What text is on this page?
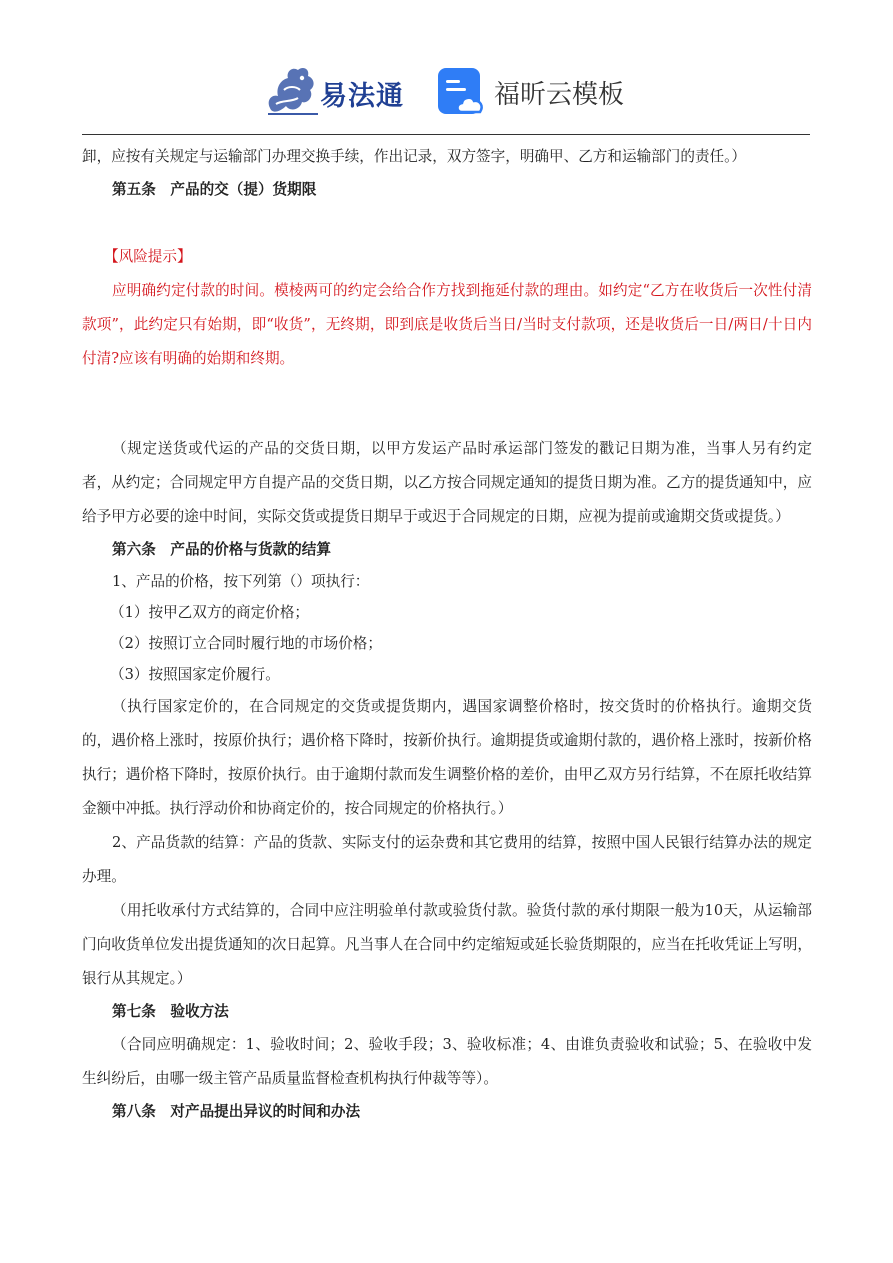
易法通	福昕云模板

卸，应按有关规定与运输部门办理交换手续，作出记录，双方签字，明确甲、乙方和运输部门的责任。）

第五条　产品的交（提）货期限

【风险提示】

应明确约定付款的时间。模棱两可的约定会给合作方找到拖延付款的理由。如约定“乙方在收货后一次性付清款项”，此约定只有始期，即“收货”，无终期，即到底是收货后当日/当时支付款项，还是收货后一日/两日/十日内付清?应该有明确的始期和终期。

（规定送货或代运的产品的交货日期，以甲方发运产品时承运部门签发的戳记日期为准，当事人另有约定者，从约定；合同规定甲方自提产品的交货日期，以乙方按合同规定通知的提货日期为准。乙方的提货通知中，应给予甲方必要的途中时间，实际交货或提货日期早于或迟于合同规定的日期，应视为提前或逾期交货或提货。）

第六条　产品的价格与货款的结算

1、产品的价格，按下列第（）项执行：

（1）按甲乙双方的商定价格；

（2）按照订立合同时履行地的市场价格；

（3）按照国家定价履行。

（执行国家定价的，在合同规定的交货或提货期内，遇国家调整价格时，按交货时的价格执行。逾期交货的，遇价格上涨时，按原价执行；遇价格下降时，按新价执行。逾期提货或逾期付款的，遇价格上涨时，按新价格执行；遇价格下降时，按原价执行。由于逾期付款而发生调整价格的差价，由甲乙双方另行结算，不在原托收结算金额中冲抵。执行浮动价和协商定价的，按合同规定的价格执行。）

2、产品货款的结算：产品的货款、实际支付的运杂费和其它费用的结算，按照中国人民银行结算办法的规定办理。

（用托收承付方式结算的，合同中应注明验单付款或验货付款。验货付款的承付期限一般为10天，从运输部门向收货单位发出提货通知的次日起算。凡当事人在合同中约定缩短或延长验货期限的，应当在托收凭证上写明，银行从其规定。）

第七条　验收方法

（合同应明确规定：1、验收时间；2、验收手段；3、验收标准；4、由谁负责验收和试验；5、在验收中发生纠纷后，由哪一级主管产品质量监督检查机构执行仲裁等等）。

第八条　对产品提出异议的时间和办法
